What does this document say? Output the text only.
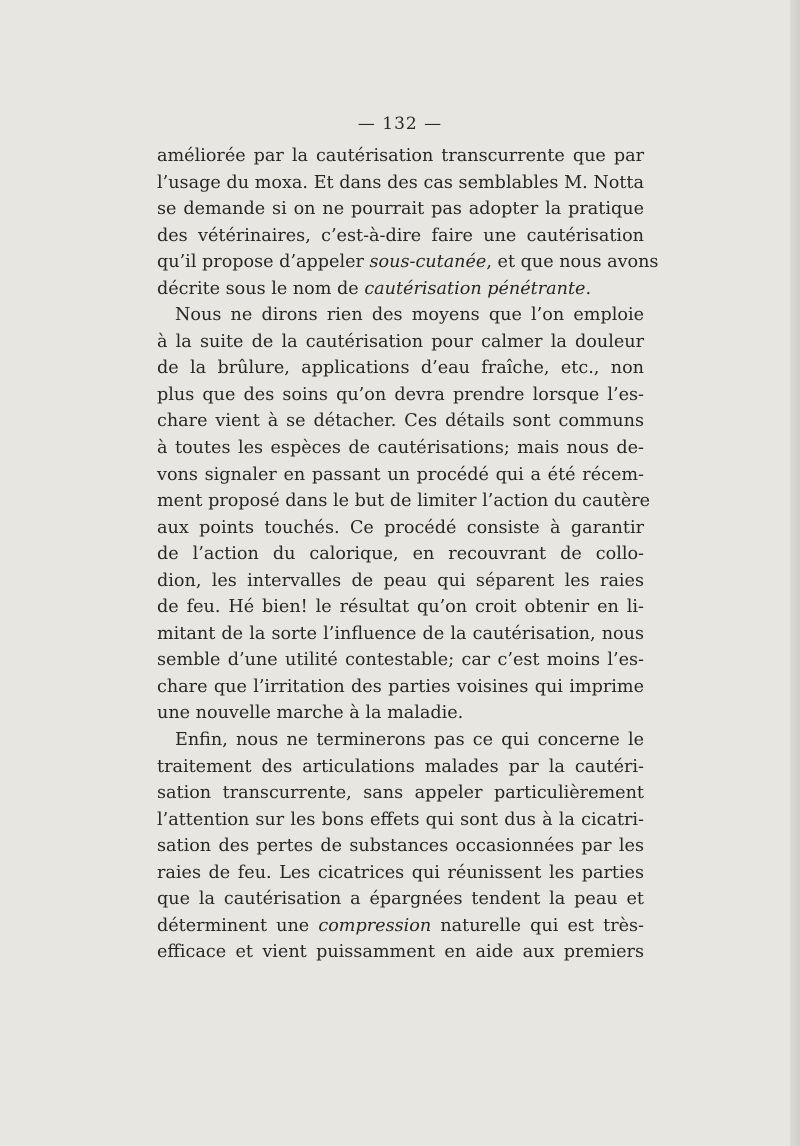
— 132 —
améliorée par la cautérisation transcurrente que par
l’usage du moxa. Et dans des cas semblables M. Notta
se demande si on ne pourrait pas adopter la pratique
des vétérinaires, c’est-à-dire faire une cautérisation
qu’il propose d’appeler sous-cutanée, et que nous avons
décrite sous le nom de cautérisation pénétrante.
Nous ne dirons rien des moyens que l’on emploie
à la suite de la cautérisation pour calmer la douleur
de la brûlure, applications d’eau fraîche, etc., non
plus que des soins qu’on devra prendre lorsque l’es-
chare vient à se détacher. Ces détails sont communs
à toutes les espèces de cautérisations; mais nous de-
vons signaler en passant un procédé qui a été récem-
ment proposé dans le but de limiter l’action du cautère
aux points touchés. Ce procédé consiste à garantir
de l’action du calorique, en recouvrant de collo-
dion, les intervalles de peau qui séparent les raies
de feu. Hé bien! le résultat qu’on croit obtenir en li-
mitant de la sorte l’influence de la cautérisation, nous
semble d’une utilité contestable; car c’est moins l’es-
chare que l’irritation des parties voisines qui imprime
une nouvelle marche à la maladie.
Enfin, nous ne terminerons pas ce qui concerne le
traitement des articulations malades par la cautéri-
sation transcurrente, sans appeler particulièrement
l’attention sur les bons effets qui sont dus à la cicatri-
sation des pertes de substances occasionnées par les
raies de feu. Les cicatrices qui réunissent les parties
que la cautérisation a épargnées tendent la peau et
déterminent une compression naturelle qui est très-
efficace et vient puissamment en aide aux premiers
